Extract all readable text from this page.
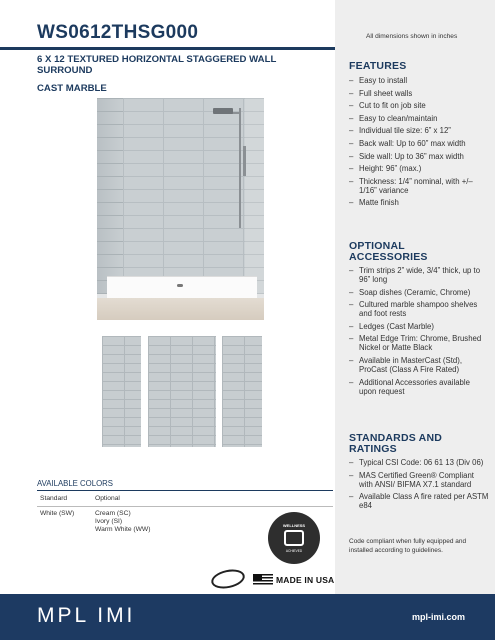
WS0612THSG000	All dimensions shown in inches
6 X 12 TEXTURED HORIZONTAL STAGGERED WALL SURROUND
CAST MARBLE
AVAILABLE COLORS
Standard	Optional
White (SW)	Cream (SC)
Ivory (SI)
Warm White (WW)
FEATURES
– Easy to install
– Full sheet walls
– Cut to fit on job site
– Easy to clean/maintain
– Individual tile size: 6” x 12”
– Back wall: Up to 60” max width
– Side wall: Up to 36” max width
– Height: 96” (max.)
– Thickness: 1/4” nominal, with +/– 1/16” variance
– Matte finish
OPTIONAL ACCESSORIES
– Trim strips 2” wide, 3/4” thick, up to 96” long
– Soap dishes (Ceramic, Chrome)
– Cultured marble shampoo shelves and foot rests
– Ledges (Cast Marble)
– Metal Edge Trim: Chrome, Brushed Nickel or Matte Black
– Available in MasterCast (Std), ProCast (Class A Fire Rated)
– Additional Accessories available upon request
STANDARDS AND RATINGS
– Typical CSI Code: 06 61 13 (Div 06)
– MAS Certified Green® Compliant with ANSI/ BIFMA X7.1 standard
– Available Class A fire rated per ASTM e84
Code compliant when fully equipped and installed according to guidelines.
WELLNESS
ACHIEVED
MADE IN USA
MPL IMI	mpl-imi.com
